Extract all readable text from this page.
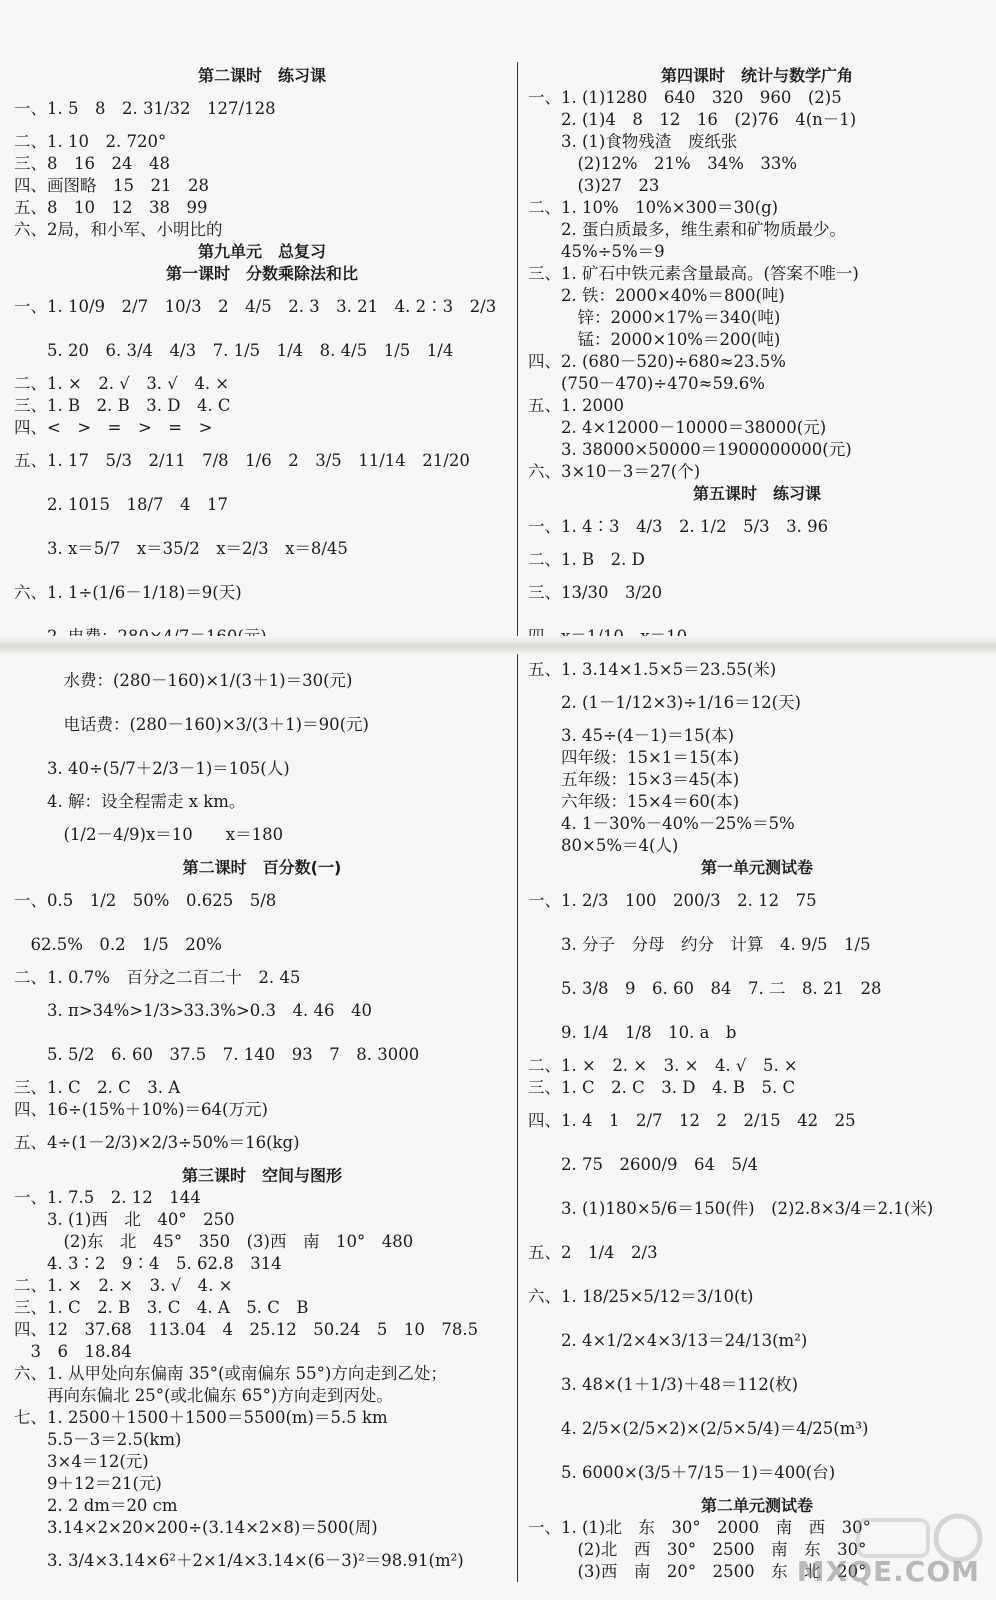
第二课时　练习课
一、1. 5　8　2. 31/32　127/128
二、1. 10　2. 720°
三、8　16　24　48
四、画图略　15　21　28
五、8　10　12　38　99
六、2局，和小军、小明比的
第九单元　总复习
第一课时　分数乘除法和比
一、1. 10/9　2/7　10/3　2　4/5　2. 3　3. 21　4. 2∶3　2/3
　　5. 20　6. 3/4　4/3　7. 1/5　1/4　8. 4/5　1/5　1/4
二、1. ×　2. √　3. √　4. ×
三、1. B　2. B　3. D　4. C
四、<　>　=　>　=　>
五、1. 17　5/3　2/11　7/8　1/6　2　3/5　11/14　21/20
　　2. 1015　18/7　4　17
　　3. x＝5/7　x＝35/2　x＝2/3　x＝8/45
六、1. 1÷(1/6－1/18)＝9(天)
　　　水费：(280－160)×1/(3＋1)＝30(元)
　　　电话费：(280－160)×3/(3＋1)＝90(元)
　　3. 40÷(5/7＋2/3－1)＝105(人)
　　4. 解：设全程需走 x km。
　　　(1/2－4/9)x＝10　　x＝180
第二课时　百分数(一)
一、0.5　1/2　50%　0.625　5/8
　62.5%　0.2　1/5　20%
二、1. 0.7%　百分之二百二十　2. 45
　　3. π>34%>1/3>33.3%>0.3　4. 46　40
　　5. 5/2　6. 60　37.5　7. 140　93　7　8. 3000
三、1. C　2. C　3. A
四、16÷(15%＋10%)＝64(万元)
五、4÷(1－2/3)×2/3÷50%＝16(kg)
第三课时　空间与图形
一、1. 7.5　2. 12　144
　　3. (1)西　北　40°　250
　　　(2)东　北　45°　350　(3)西　南　10°　480
　　4. 3∶2　9∶4　5. 62.8　314
二、1. ×　2. ×　3. √　4. ×
三、1. C　2. B　3. C　4. A　5. C　B
四、12　37.68　113.04　4　25.12　50.24　5　10　78.5
　3　6　18.84
六、1. 从甲处向东偏南 35°(或南偏东 55°)方向走到乙处；
　　再向东偏北 25°(或北偏东 65°)方向走到丙处。
七、1. 2500＋1500＋1500＝5500(m)＝5.5 km
　　5.5－3＝2.5(km)
　　3×4＝12(元)
　　9＋12＝21(元)
　　2. 2 dm＝20 cm
　　3.14×2×20×200÷(3.14×2×8)＝500(周)
　　3. 3/4×3.14×6²＋2×1/4×3.14×(6－3)²＝98.91(m²)
第四课时　统计与数学广角
一、1. (1)1280　640　320　960　(2)5
　　2. (1)4　8　12　16　(2)76　4(n－1)
　　3. (1)食物残渣　废纸张
　　　(2)12%　21%　34%　33%
　　　(3)27　23
二、1. 10%　10%×300＝30(g)
　　2. 蛋白质最多，维生素和矿物质最少。
　　45%÷5%＝9
三、1. 矿石中铁元素含量最高。(答案不唯一)
　　2. 铁：2000×40%＝800(吨)
　　　锌：2000×17%＝340(吨)
　　　锰：2000×10%＝200(吨)
四、2. (680－520)÷680≈23.5%
　　(750－470)÷470≈59.6%
五、1. 2000
　　2. 4×12000－10000＝38000(元)
　　3. 38000×50000＝1900000000(元)
六、3×10－3＝27(个)
第五课时　练习课
一、1. 4∶3　4/3　2. 1/2　5/3　3. 96
二、1. B　2. D
三、13/30　3/20
五、1. 3.14×1.5×5＝23.55(米)
　　2. (1－1/12×3)÷1/16＝12(天)
　　3. 45÷(4－1)＝15(本)
　　四年级：15×1＝15(本)
　　五年级：15×3＝45(本)
　　六年级：15×4＝60(本)
　　4. 1－30%－40%－25%＝5%
　　80×5%＝4(人)
第一单元测试卷
一、1. 2/3　100　200/3　2. 12　75
　　3. 分子　分母　约分　计算　4. 9/5　1/5
　　5. 3/8　9　6. 60　84　7. 二　8. 21　28
　　9. 1/4　1/8　10. a　b
二、1. ×　2. ×　3. ×　4. √　5. ×
三、1. C　2. C　3. D　4. B　5. C
四、1. 4　1　2/7　12　2　2/15　42　25
　　2. 75　2600/9　64　5/4
　　3. (1)180×5/6＝150(件)　(2)2.8×3/4＝2.1(米)
五、2　1/4　2/3
六、1. 18/25×5/12＝3/10(t)
　　2. 4×1/2×4×3/13＝24/13(m²)
　　3. 48×(1＋1/3)＋48＝112(枚)
　　4. 2/5×(2/5×2)×(2/5×5/4)＝4/25(m³)
　　5. 6000×(3/5＋7/15－1)＝400(台)
第二单元测试卷
一、1. (1)北　东　30°　2000　南　西　30°
　　　(2)北　西　30°　2500　南　东　30°
　　　(3)西　南　20°　2500　东　北　20°
MXQE.COM
